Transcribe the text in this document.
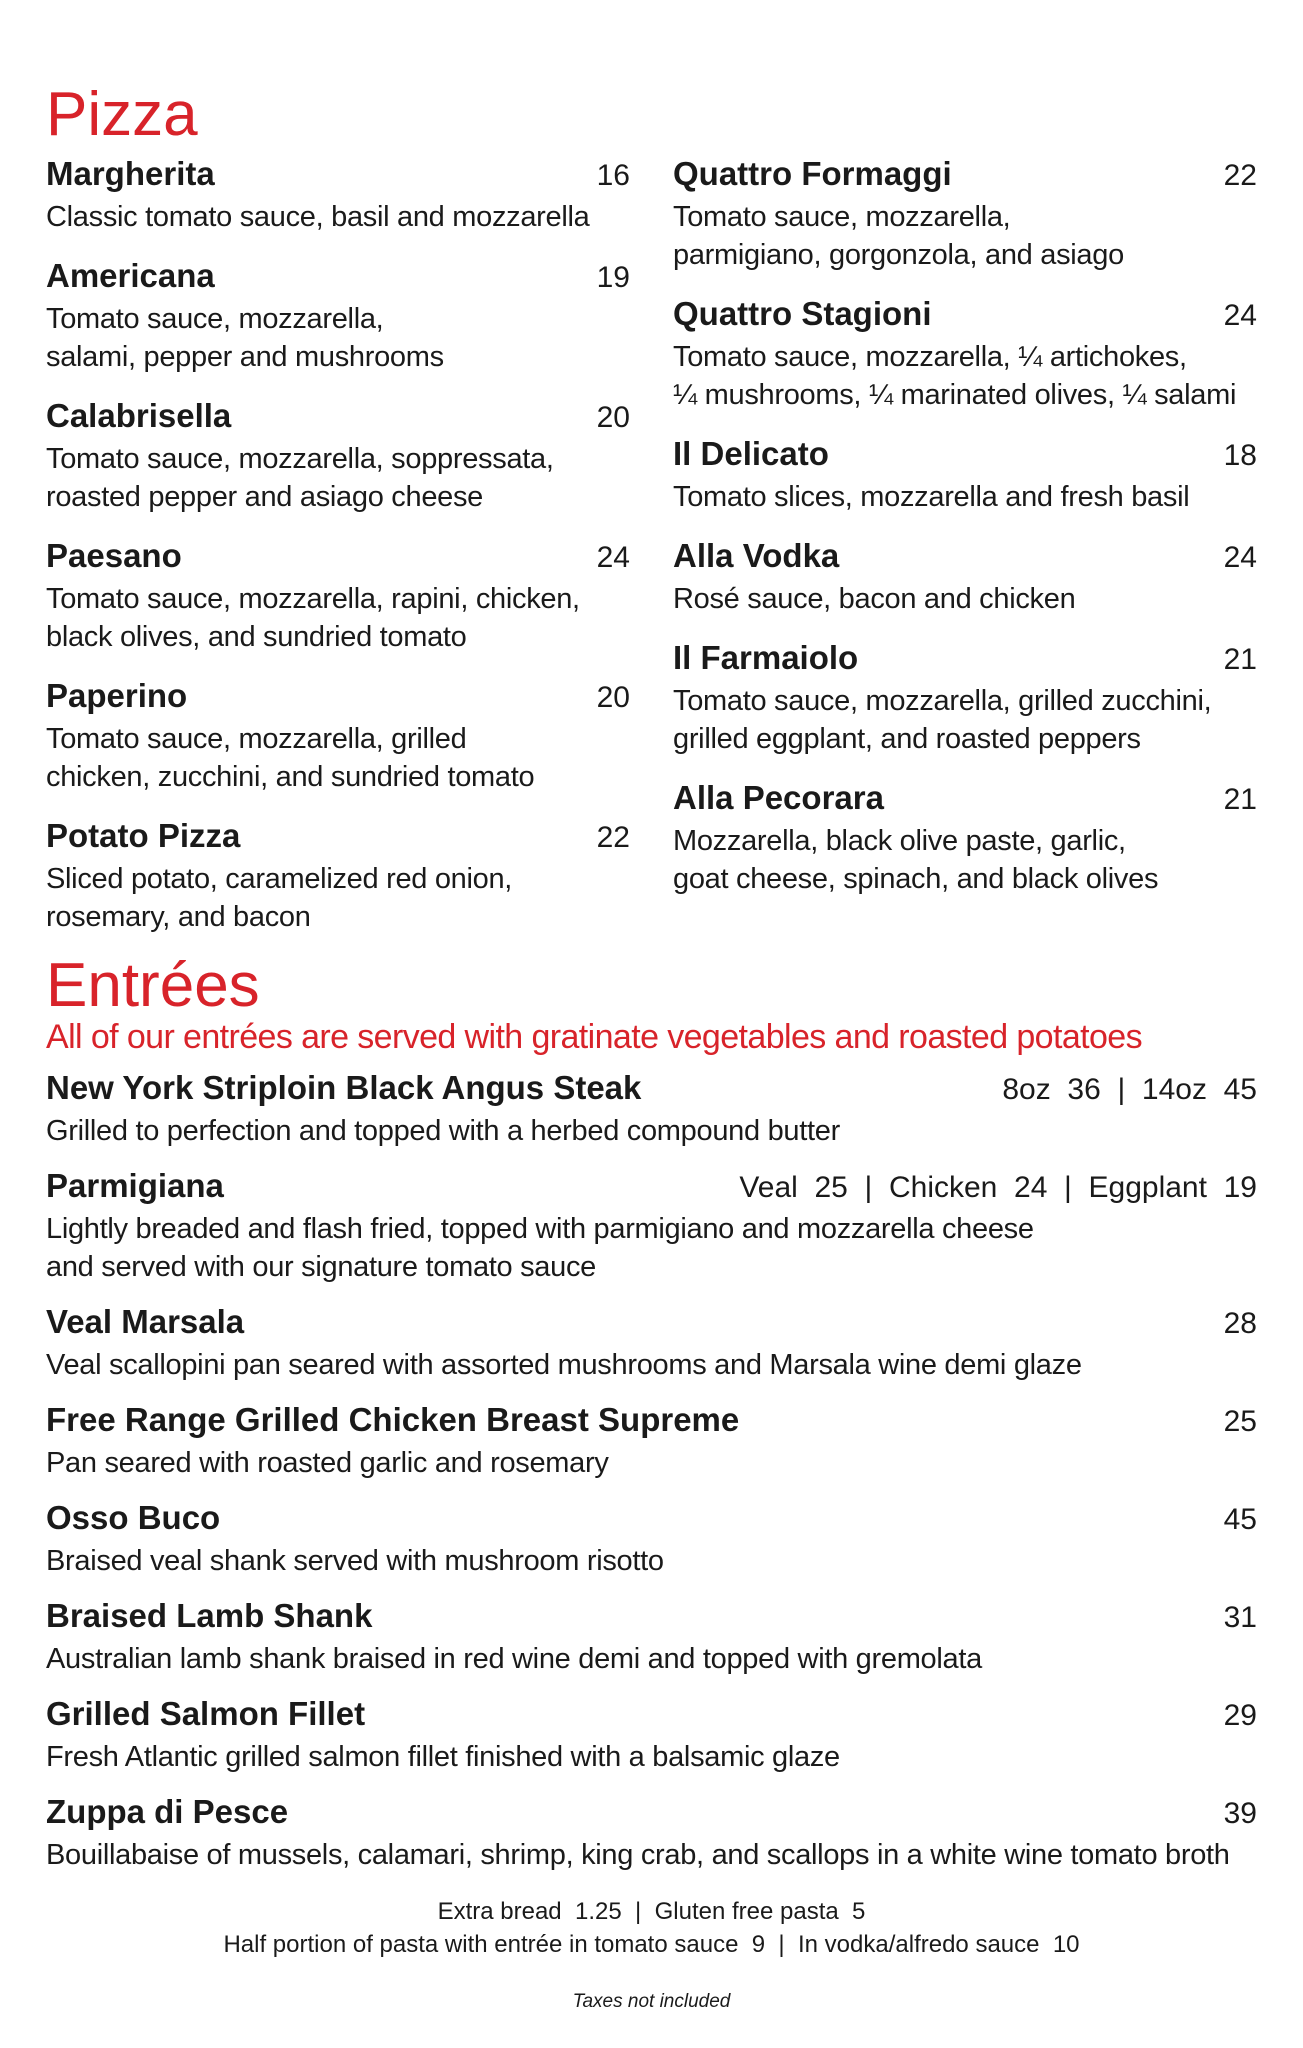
Pizza
Margherita	16
Classic tomato sauce, basil and mozzarella
Americana	19
Tomato sauce, mozzarella,
salami, pepper and mushrooms
Calabrisella	20
Tomato sauce, mozzarella, soppressata,
roasted pepper and asiago cheese
Paesano	24
Tomato sauce, mozzarella, rapini, chicken,
black olives, and sundried tomato
Paperino	20
Tomato sauce, mozzarella, grilled
chicken, zucchini, and sundried tomato
Potato Pizza	22
Sliced potato, caramelized red onion,
rosemary, and bacon
Quattro Formaggi	22
Tomato sauce, mozzarella,
parmigiano, gorgonzola, and asiago
Quattro Stagioni	24
Tomato sauce, mozzarella, ¼ artichokes,
¼ mushrooms, ¼ marinated olives, ¼ salami
Il Delicato	18
Tomato slices, mozzarella and fresh basil
Alla Vodka	24
Rosé sauce, bacon and chicken
Il Farmaiolo	21
Tomato sauce, mozzarella, grilled zucchini,
grilled eggplant, and roasted peppers
Alla Pecorara	21
Mozzarella, black olive paste, garlic,
goat cheese, spinach, and black olives
Entrées
All of our entrées are served with gratinate vegetables and roasted potatoes
New York Striploin Black Angus Steak	8oz  36  |  14oz  45
Grilled to perfection and topped with a herbed compound butter
Parmigiana	Veal  25  |  Chicken  24  |  Eggplant  19
Lightly breaded and flash fried, topped with parmigiano and mozzarella cheese
and served with our signature tomato sauce
Veal Marsala	28
Veal scallopini pan seared with assorted mushrooms and Marsala wine demi glaze
Free Range Grilled Chicken Breast Supreme	25
Pan seared with roasted garlic and rosemary
Osso Buco	45
Braised veal shank served with mushroom risotto
Braised Lamb Shank	31
Australian lamb shank braised in red wine demi and topped with gremolata
Grilled Salmon Fillet	29
Fresh Atlantic grilled salmon fillet finished with a balsamic glaze
Zuppa di Pesce	39
Bouillabaise of mussels, calamari, shrimp, king crab, and scallops in a white wine tomato broth
Extra bread  1.25  |  Gluten free pasta  5
Half portion of pasta with entrée in tomato sauce  9  |  In vodka/alfredo sauce  10
Taxes not included
